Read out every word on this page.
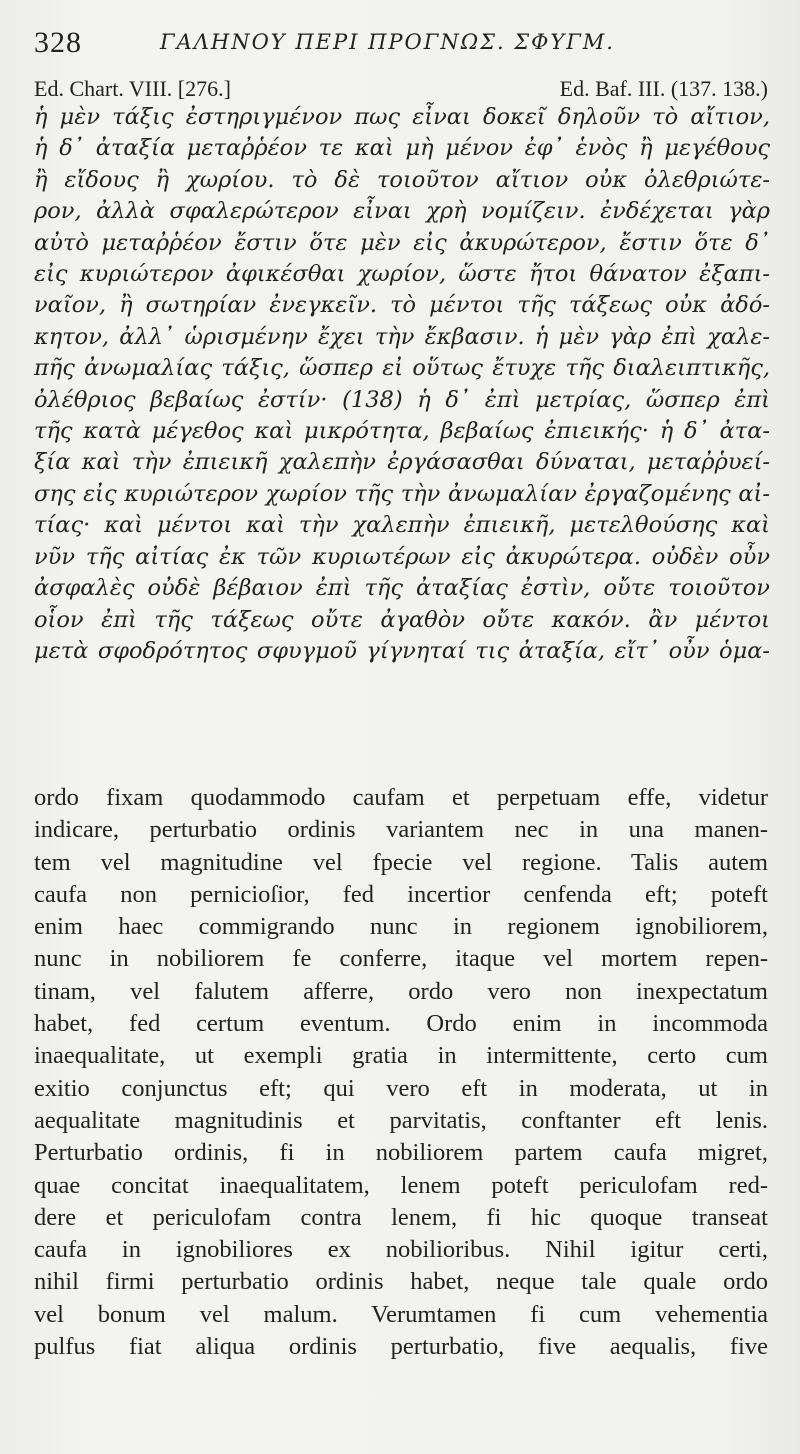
328	ΓΑΛΗΝΟΥ ΠΕΡΙ ΠΡΟΓΝΩΣ. ΣΦΥΓΜ.
Ed. Chart. VIII. [276.]	Ed. Baf. III. (137. 138.)
ἡ μὲν τάξις ἐστηριγμένον πως εἶναι δοκεῖ δηλοῦν τὸ αἴτιον,
ἡ δ᾽ ἀταξία μεταῤῥέον τε καὶ μὴ μένον ἐφ᾽ ἑνὸς ἢ μεγέθους
ἢ εἴδους ἢ χωρίου. τὸ δὲ τοιοῦτον αἴτιον οὐκ ὀλεθριώτε-
ρον, ἀλλὰ σφαλερώτερον εἶναι χρὴ νομίζειν. ἐνδέχεται γὰρ
αὐτὸ μεταῤῥέον ἔστιν ὅτε μὲν εἰς ἀκυρώτερον, ἔστιν ὅτε δ᾽
εἰς κυριώτερον ἀφικέσθαι χωρίον, ὥστε ἤτοι θάνατον ἐξαπι-
ναῖον, ἢ σωτηρίαν ἐνεγκεῖν. τὸ μέντοι τῆς τάξεως οὐκ ἀδό-
κητον, ἀλλ᾽ ὡρισμένην ἔχει τὴν ἔκβασιν. ἡ μὲν γὰρ ἐπὶ χαλε-
πῆς ἀνωμαλίας τάξις, ὥσπερ εἰ οὕτως ἔτυχε τῆς διαλειπτικῆς,
ὀλέθριος βεβαίως ἐστίν· (138) ἡ δ᾽ ἐπὶ μετρίας, ὥσπερ ἐπὶ
τῆς κατὰ μέγεθος καὶ μικρότητα, βεβαίως ἐπιεικής· ἡ δ᾽ ἀτα-
ξία καὶ τὴν ἐπιεικῆ χαλεπὴν ἐργάσασθαι δύναται, μεταῤῥυεί-
σης εἰς κυριώτερον χωρίον τῆς τὴν ἀνωμαλίαν ἐργαζομένης αἰ-
τίας· καὶ μέντοι καὶ τὴν χαλεπὴν ἐπιεικῆ, μετελθούσης καὶ
νῦν τῆς αἰτίας ἐκ τῶν κυριωτέρων εἰς ἀκυρώτερα. οὐδὲν οὖν
ἀσφαλὲς οὐδὲ βέβαιον ἐπὶ τῆς ἀταξίας ἐστὶν, οὔτε τοιοῦτον
οἷον ἐπὶ τῆς τάξεως οὔτε ἀγαθὸν οὔτε κακόν. ἂν μέντοι
μετὰ σφοδρότητος σφυγμοῦ γίγνηταί τις ἀταξία, εἴτ᾽ οὖν ὁμα-
ordo fixam quodammodo caufam et perpetuam effe, videtur
indicare, perturbatio ordinis variantem nec in una manen-
tem vel magnitudine vel fpecie vel regione. Talis autem
caufa non pernicioſior, fed incertior cenfenda eft; poteft
enim haec commigrando nunc in regionem ignobiliorem,
nunc in nobiliorem fe conferre, itaque vel mortem repen-
tinam, vel falutem afferre, ordo vero non inexpectatum
habet, fed certum eventum. Ordo enim in incommoda
inaequalitate, ut exempli gratia in intermittente, certo cum
exitio conjunctus eft; qui vero eft in moderata, ut in
aequalitate magnitudinis et parvitatis, conftanter eft lenis.
Perturbatio ordinis, fi in nobiliorem partem caufa migret,
quae concitat inaequalitatem, lenem poteft periculofam red-
dere et periculofam contra lenem, fi hic quoque transeat
caufa in ignobiliores ex nobilioribus. Nihil igitur certi,
nihil firmi perturbatio ordinis habet, neque tale quale ordo
vel bonum vel malum. Verumtamen fi cum vehementia
pulfus fiat aliqua ordinis perturbatio, five aequalis, five
